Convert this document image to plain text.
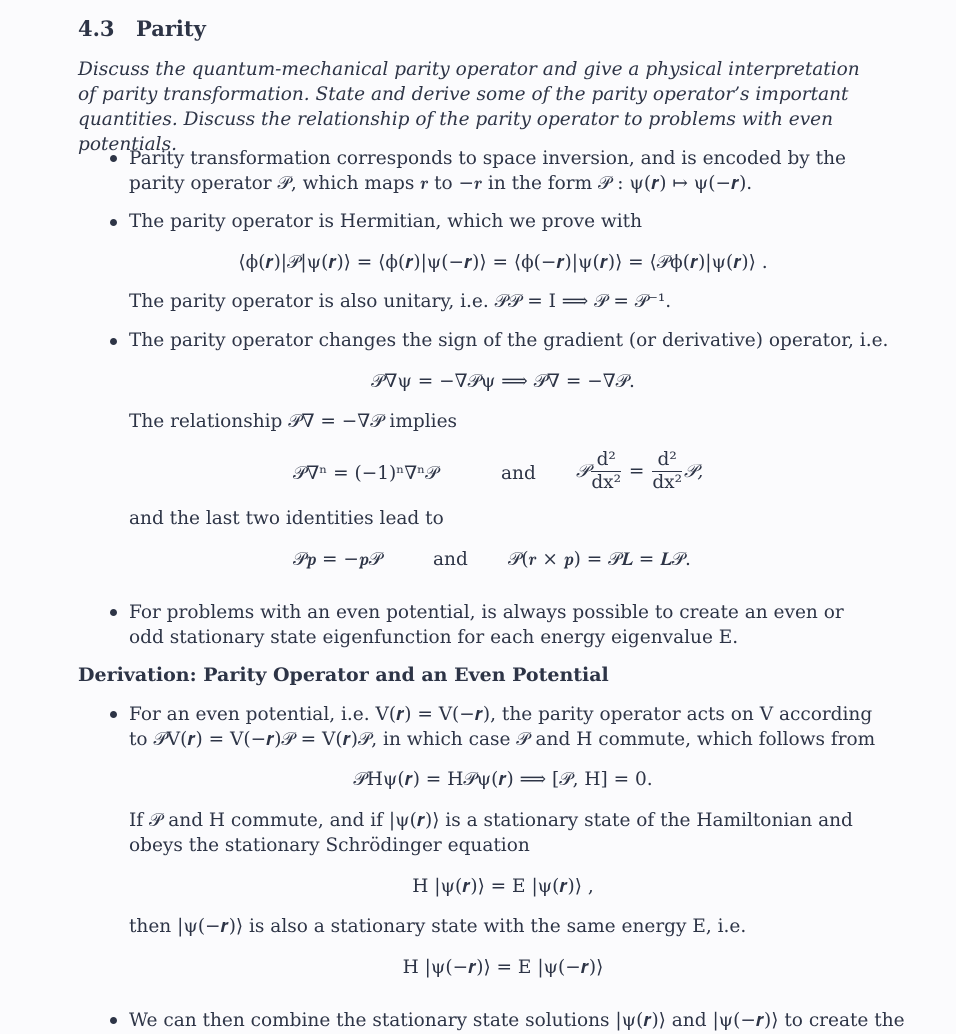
4.3 Parity
Discuss the quantum-mechanical parity operator and give a physical interpretation of parity transformation. State and derive some of the parity operator’s important quantities. Discuss the relationship of the parity operator to problems with even potentials.
Parity transformation corresponds to space inversion, and is encoded by the parity operator 𝒫, which maps 𝒓 to −𝒓 in the form 𝒫 : ψ(𝒓) ↦ ψ(−𝒓).
The parity operator is Hermitian, which we prove with
⟨ϕ(𝒓)|𝒫|ψ(𝒓)⟩ = ⟨ϕ(𝒓)|ψ(−𝒓)⟩ = ⟨ϕ(−𝒓)|ψ(𝒓)⟩ = ⟨𝒫ϕ(𝒓)|ψ(𝒓)⟩ .
The parity operator is also unitary, i.e. 𝒫𝒫 = I ⟹ 𝒫 = 𝒫⁻¹.
The parity operator changes the sign of the gradient (or derivative) operator, i.e.
𝒫∇ψ = −∇𝒫ψ ⟹ 𝒫∇ = −∇𝒫.
The relationship 𝒫∇ = −∇𝒫 implies
𝒫∇ⁿ = (−1)ⁿ∇ⁿ𝒫	and 𝒫 $\frac{\text{d²}}{\text{dx²}} = \frac{\text{d²}}{\text{dx²}}$ 𝒫,
and the last two identities lead to
𝒫𝒑 = −𝒑𝒫	and 𝒫(𝒓 × 𝒑) = 𝒫𝑳 = 𝑳𝒫.
For problems with an even potential, is always possible to create an even or odd stationary state eigenfunction for each energy eigenvalue E.
Derivation: Parity Operator and an Even Potential
For an even potential, i.e. V(𝒓) = V(−𝒓), the parity operator acts on V according to 𝒫V(𝒓) = V(−𝒓)𝒫 = V(𝒓)𝒫, in which case 𝒫 and H commute, which follows from
𝒫Hψ(𝒓) = H𝒫ψ(𝒓) ⟹ [𝒫, H] = 0.
If 𝒫 and H commute, and if |ψ(𝒓)⟩ is a stationary state of the Hamiltonian and obeys the stationary Schrödinger equation
H |ψ(𝒓)⟩ = E |ψ(𝒓)⟩ ,
then |ψ(−𝒓)⟩ is also a stationary state with the same energy E, i.e.
H |ψ(−𝒓)⟩ = E |ψ(−𝒓)⟩
We can then combine the stationary state solutions |ψ(𝒓)⟩ and |ψ(−𝒓)⟩ to create the
